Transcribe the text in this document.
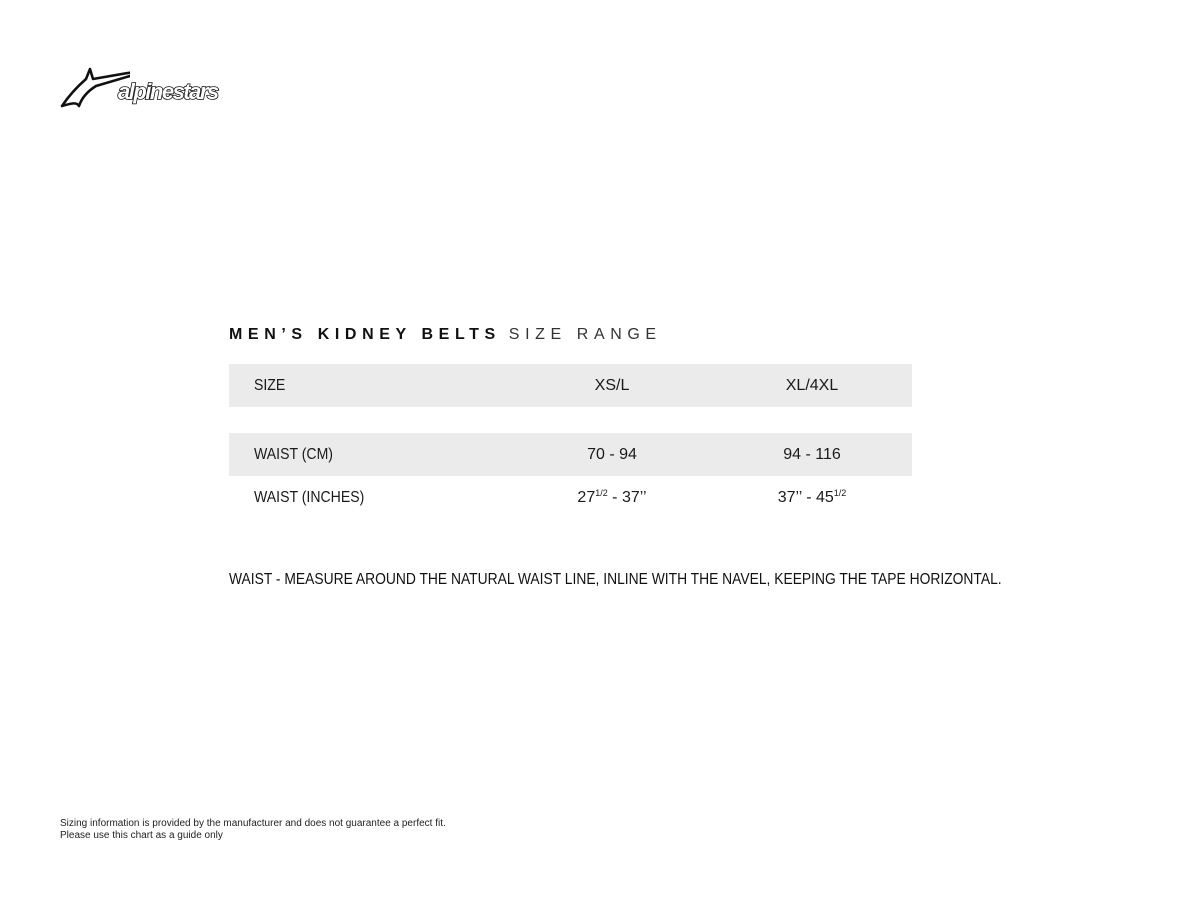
alpinestars
MEN’S KIDNEY BELTS SIZE RANGE
SIZE	XS/L	XL/4XL
WAIST (CM)	70 - 94	94 - 116
WAIST (INCHES)	$27^{1/2} - 37$’’	37’’ - $45^{1/2}$
WAIST - MEASURE AROUND THE NATURAL WAIST LINE, INLINE WITH THE NAVEL, KEEPING THE TAPE HORIZONTAL.
Sizing information is provided by the manufacturer and does not guarantee a perfect fit.
Please use this chart as a guide only
